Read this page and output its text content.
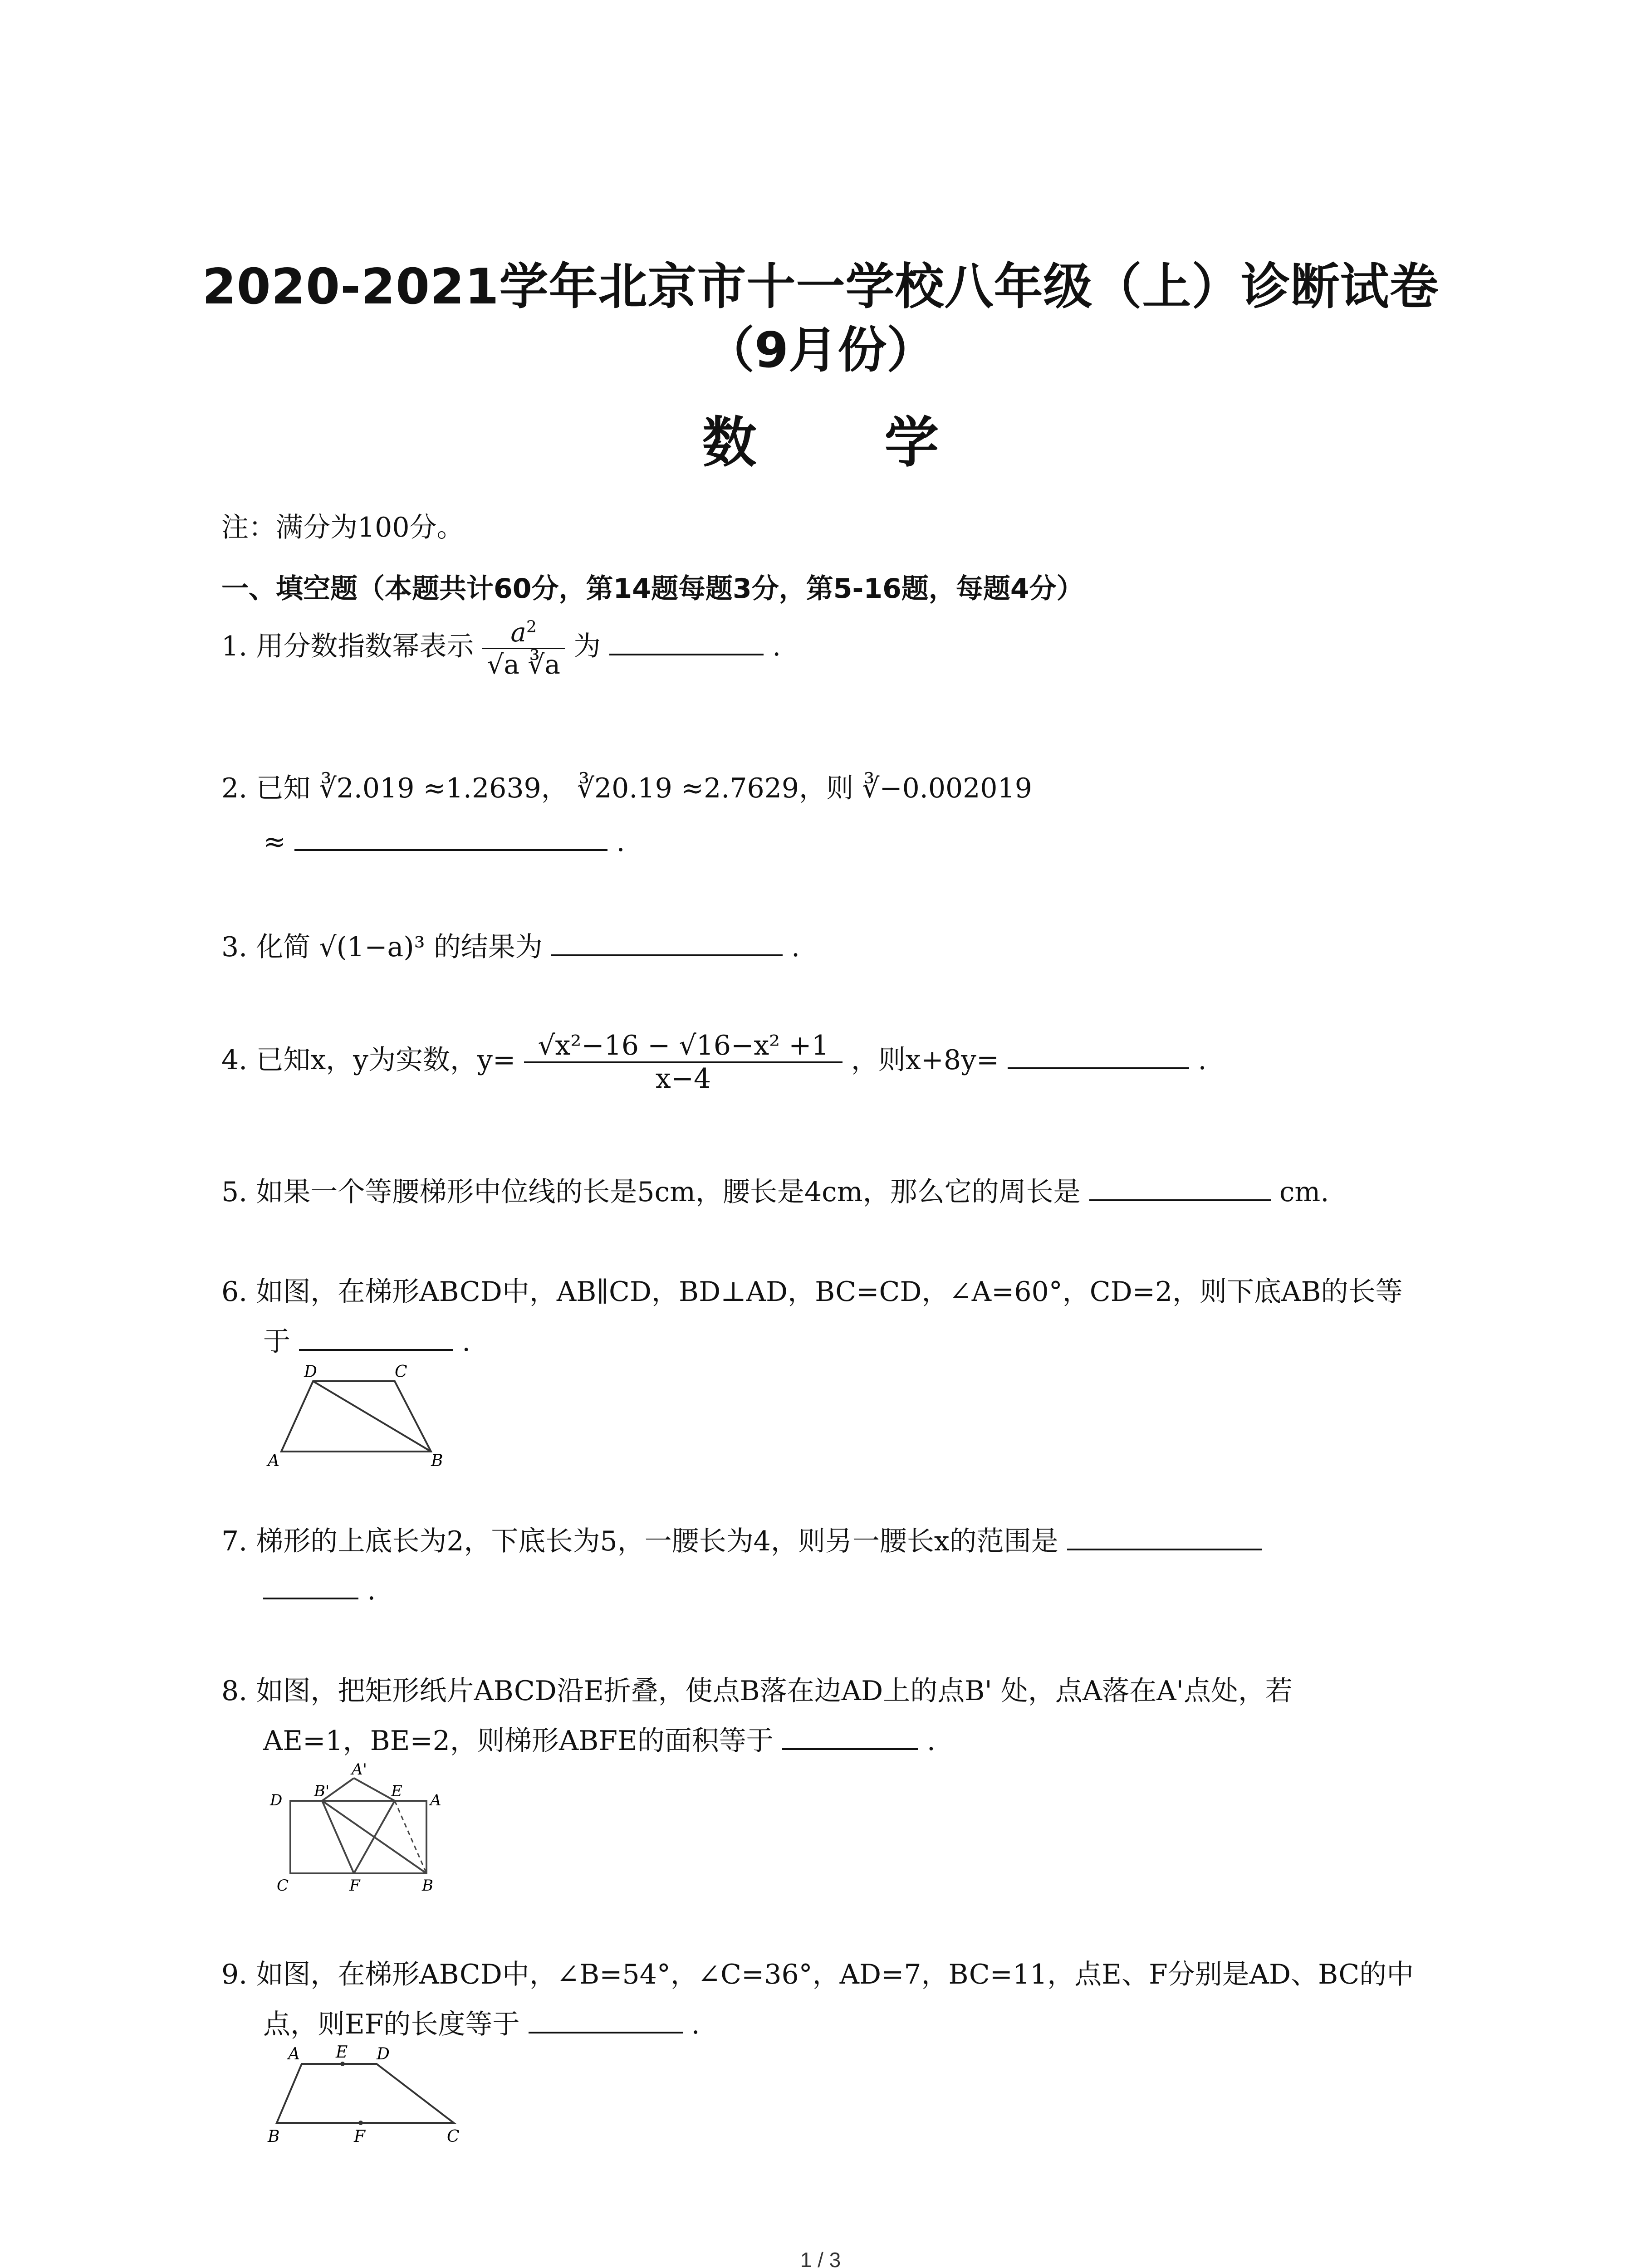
2020-2021学年北京市十一学校八年级（上）诊断试卷
（9月份）
数 学
注：满分为100分。
一、填空题（本题共计60分，第14题每题3分，第5-16题，每题4分）
1. 用分数指数幂表示 $\frac{a^2}{√a ∛a}$ 为	.
2. 已知 ∛2.019 ≈1.2639， ∛20.19 ≈2.7629，则 ∛−0.002019
≈	.
3. 化简 √(1−a)³ 的结果为	.
4. 已知x，y为实数，$y= \frac{\text{√x²−16 − √16−x² +1}}{x-4}$ ，则x+8y=	.
5. 如果一个等腰梯形中位线的长是5cm，腰长是4cm，那么它的周长是	cm.
6. 如图，在梯形ABCD中，AB∥CD，BD⊥AD，BC=CD，∠A=60°，CD=2，则下底AB的长等
于	.
D	C
A	B
7. 梯形的上底长为2，下底长为5，一腰长为4，则另一腰长x的范围是
.
8. 如图，把矩形纸片ABCD沿E折叠，使点B落在边AD上的点B' 处，点A落在A'点处，若
AE=1，BE=2，则梯形ABFE的面积等于	.
A'
B'	E
D	A
C	F	B
9. 如图，在梯形ABCD中，∠B=54°，∠C=36°，AD=7，BC=11，点E、F分别是AD、BC的中
点，则EF的长度等于	.
A E D
B	F	C
1 / 3
